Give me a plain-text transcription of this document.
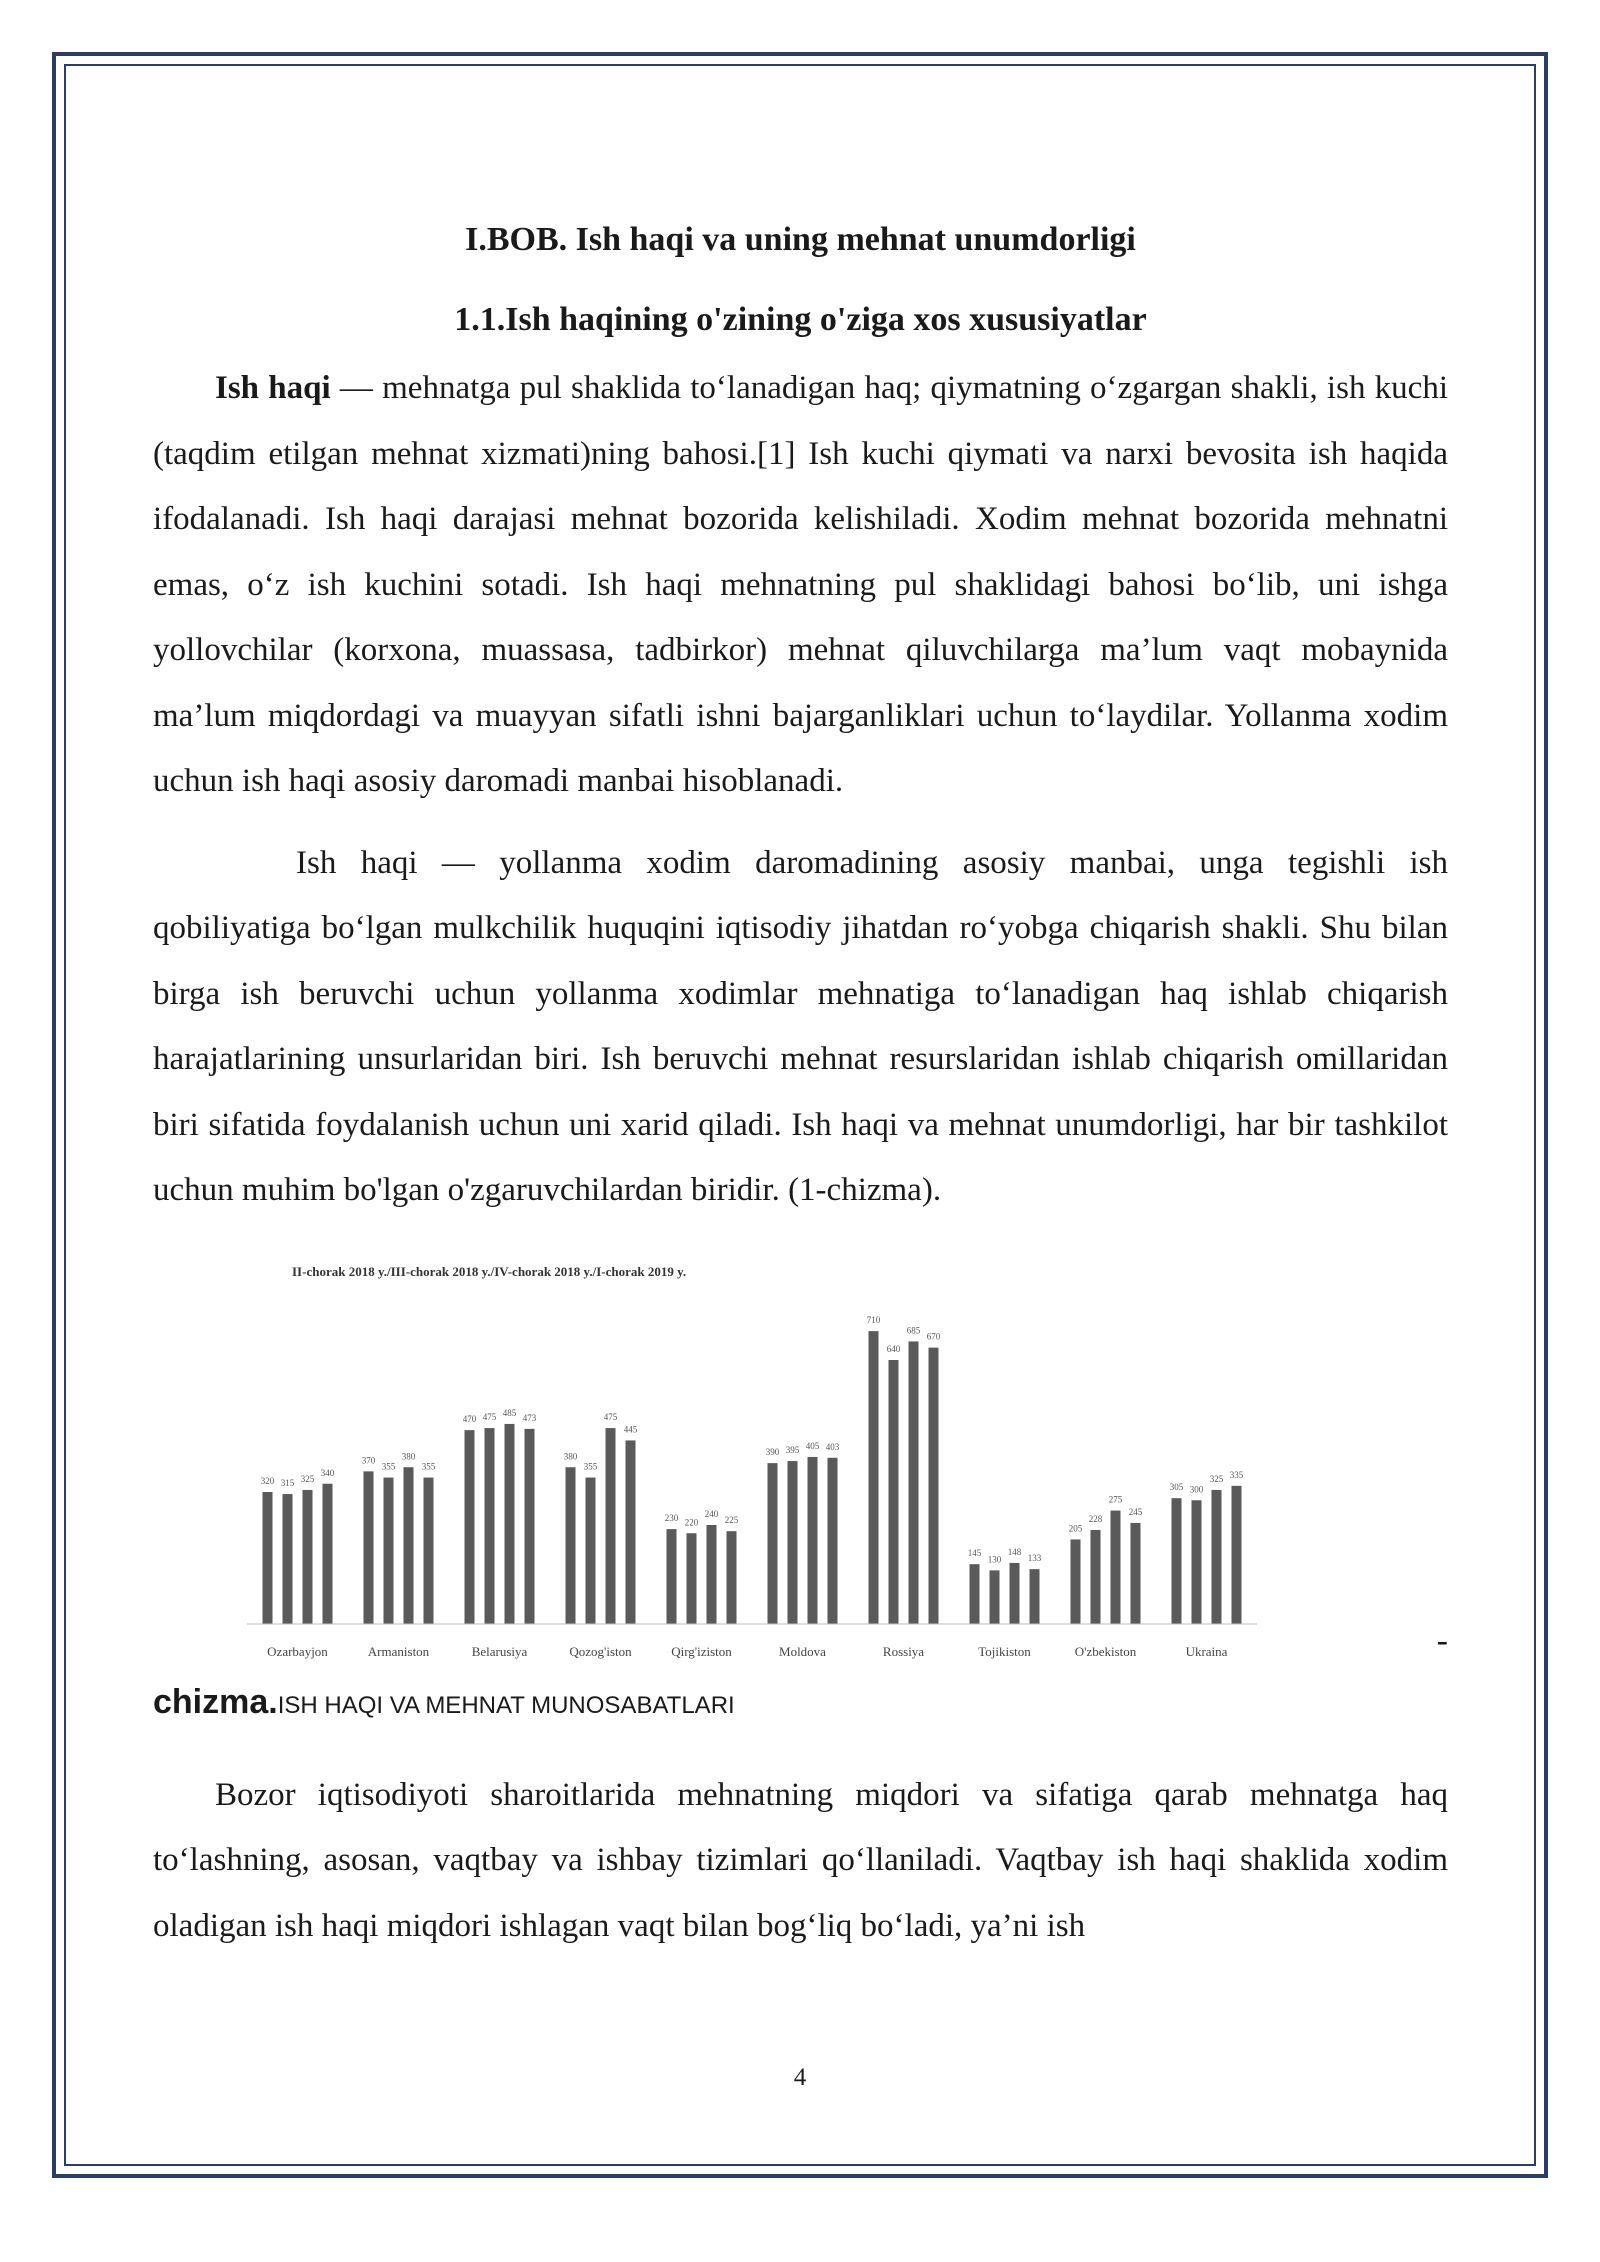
I.BOB. Ish haqi va uning mehnat unumdorligi
1.1.Ish haqining o'zining o'ziga xos xususiyatlar

Ish haqi — mehnatga pul shaklida to‘lanadigan haq; qiymatning o‘zgargan shakli, ish kuchi (taqdim etilgan mehnat xizmati)ning bahosi.[1] Ish kuchi qiymati va narxi bevosita ish haqida ifodalanadi. Ish haqi darajasi mehnat bozorida kelishiladi. Xodim mehnat bozorida mehnatni emas, o‘z ish kuchini sotadi. Ish haqi mehnatning pul shaklidagi bahosi bo‘lib, uni ishga yollovchilar (korxona, muassasa, tadbirkor) mehnat qiluvchilarga ma’lum vaqt mobaynida ma’lum miqdordagi va muayyan sifatli ishni bajarganliklari uchun to‘laydilar. Yollanma xodim uchun ish haqi asosiy daromadi manbai hisoblanadi.

Ish haqi — yollanma xodim daromadining asosiy manbai, unga tegishli ish qobiliyatiga bo‘lgan mulkchilik huquqini iqtisodiy jihatdan ro‘yobga chiqarish shakli. Shu bilan birga ish beruvchi uchun yollanma xodimlar mehnatiga to‘lanadigan haq ishlab chiqarish harajatlarining unsurlaridan biri. Ish beruvchi mehnat resurslaridan ishlab chiqarish omillaridan biri sifatida foydalanish uchun uni xarid qiladi. Ish haqi va mehnat unumdorligi, har bir tashkilot uchun muhim bo'lgan o'zgaruvchilardan biridir. (1-chizma).

II-chorak 2018 y./III-chorak 2018 y./IV-chorak 2018 y./I-chorak 2019 y.
320 315 325
340
Ozarbayjon
370
355
380
355
Armaniston
470 475 485 473
Belarusiya
380
355
475
445
Qozog'iston
230 220
240
225
Qirg'iziston
390 395 405 403
Moldova
710
640
685
670
Rossiya
145
130
148
133
Tojikiston
205
228
275
245
O'zbekiston
305 300
325 335
Ukraina	-
chizma.ISH HAQI VA MEHNAT MUNOSABATLARI

Bozor iqtisodiyoti sharoitlarida mehnatning miqdori va sifatiga qarab mehnatga haq to‘lashning, asosan, vaqtbay va ishbay tizimlari qo‘llaniladi. Vaqtbay ish haqi shaklida xodim oladigan ish haqi miqdori ishlagan vaqt bilan bog‘liq bo‘ladi, ya’ni ish

4
